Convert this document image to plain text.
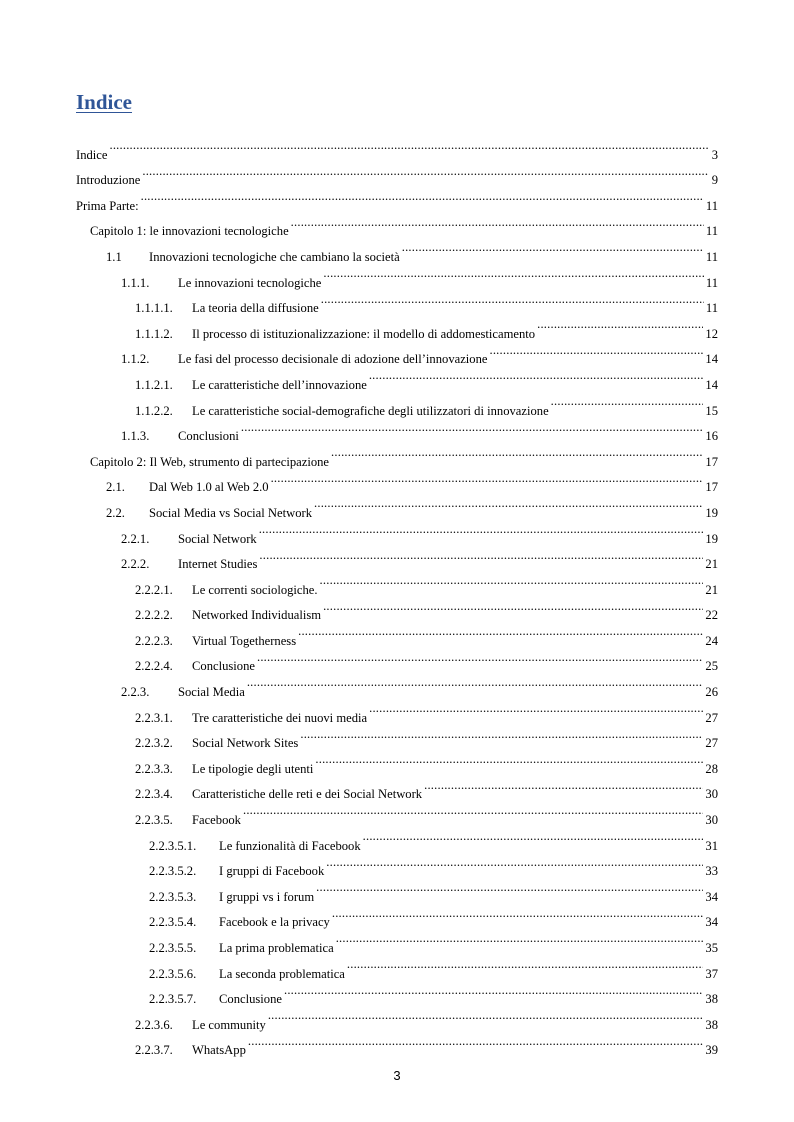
Indice
Indice .....	3
Introduzione .....	9
Prima Parte: .....	11
Capitolo 1: le innovazioni tecnologiche .....	11
1.1	Innovazioni tecnologiche che cambiano la società .....	11
1.1.1.	Le innovazioni tecnologiche .....	11
1.1.1.1.	La teoria della diffusione .....	11
1.1.1.2.	Il processo di istituzionalizzazione: il modello di addomesticamento .....	12
1.1.2.	Le fasi del processo decisionale di adozione dell’innovazione .....	14
1.1.2.1.	Le caratteristiche dell’innovazione .....	14
1.1.2.2.	Le caratteristiche social-demografiche degli utilizzatori di innovazione .....	15
1.1.3.	Conclusioni .....	16
Capitolo 2: Il Web, strumento di partecipazione .....	17
2.1.	Dal Web 1.0 al Web 2.0 .....	17
2.2.	Social Media vs Social Network .....	19
2.2.1.	Social Network .....	19
2.2.2.	Internet Studies .....	21
2.2.2.1.	Le correnti sociologiche. .....	21
2.2.2.2.	Networked Individualism .....	22
2.2.2.3.	Virtual Togetherness .....	24
2.2.2.4.	Conclusione .....	25
2.2.3.	Social Media .....	26
2.2.3.1.	Tre caratteristiche dei nuovi media .....	27
2.2.3.2.	Social Network Sites .....	27
2.2.3.3.	Le tipologie degli utenti .....	28
2.2.3.4.	Caratteristiche delle reti e dei Social Network .....	30
2.2.3.5.	Facebook .....	30
2.2.3.5.1.	Le funzionalità di Facebook .....	31
2.2.3.5.2.	I gruppi di Facebook .....	33
2.2.3.5.3.	I gruppi vs i forum .....	34
2.2.3.5.4.	Facebook e la privacy .....	34
2.2.3.5.5.	La prima problematica .....	35
2.2.3.5.6.	La seconda problematica .....	37
2.2.3.5.7.	Conclusione .....	38
2.2.3.6.	Le community .....	38
2.2.3.7.	WhatsApp .....	39
3
